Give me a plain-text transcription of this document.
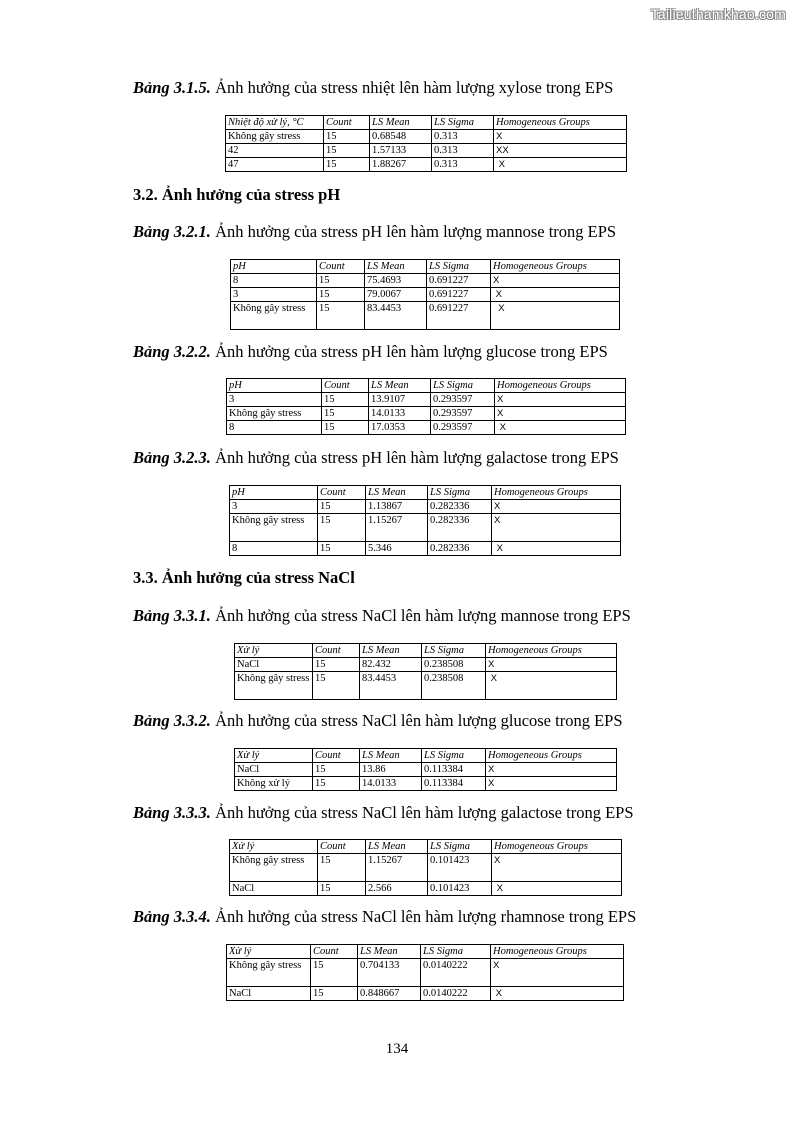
Tailieuthamkhao.com

Bảng 3.1.5. Ảnh hưởng của stress nhiệt lên hàm lượng xylose trong EPS

Nhiệt độ xử lý, °C	Count	LS Mean	LS Sigma	Homogeneous Groups
Không gây stress	15	0.68548	0.313	X
42	15	1.57133	0.313	XX
47	15	1.88267	0.313	X

3.2. Ảnh hưởng của stress pH

Bảng 3.2.1. Ảnh hưởng của stress pH lên hàm lượng mannose trong EPS

pH	Count	LS Mean	LS Sigma	Homogeneous Groups
8	15	75.4693	0.691227	X
3	15	79.0067	0.691227	X
Không gây stress	15	83.4453	0.691227	X

Bảng 3.2.2. Ảnh hưởng của stress pH lên hàm lượng glucose trong EPS

pH	Count	LS Mean	LS Sigma	Homogeneous Groups
3	15	13.9107	0.293597	X
Không gây stress	15	14.0133	0.293597	X
8	15	17.0353	0.293597	X

Bảng 3.2.3. Ảnh hưởng của stress pH lên hàm lượng galactose trong EPS

pH	Count	LS Mean	LS Sigma	Homogeneous Groups
3	15	1.13867	0.282336	X
Không gây stress	15	1.15267	0.282336	X
8	15	5.346	0.282336	X

3.3. Ảnh hưởng của stress NaCl

Bảng 3.3.1. Ảnh hưởng của stress NaCl lên hàm lượng mannose trong EPS

Xử lý	Count	LS Mean	LS Sigma	Homogeneous Groups
NaCl	15	82.432	0.238508	X
Không gây stress	15	83.4453	0.238508	X

Bảng 3.3.2. Ảnh hưởng của stress NaCl lên hàm lượng glucose trong EPS

Xử lý	Count	LS Mean	LS Sigma	Homogeneous Groups
NaCl	15	13.86	0.113384	X
Không xử lý	15	14.0133	0.113384	X

Bảng 3.3.3. Ảnh hưởng của stress NaCl lên hàm lượng galactose trong EPS

Xử lý	Count	LS Mean	LS Sigma	Homogeneous Groups
Không gây stress	15	1.15267	0.101423	X
NaCl	15	2.566	0.101423	X

Bảng 3.3.4. Ảnh hưởng của stress NaCl lên hàm lượng rhamnose trong EPS

Xử lý	Count	LS Mean	LS Sigma	Homogeneous Groups
Không gây stress	15	0.704133	0.0140222	X
NaCl	15	0.848667	0.0140222	X
134
